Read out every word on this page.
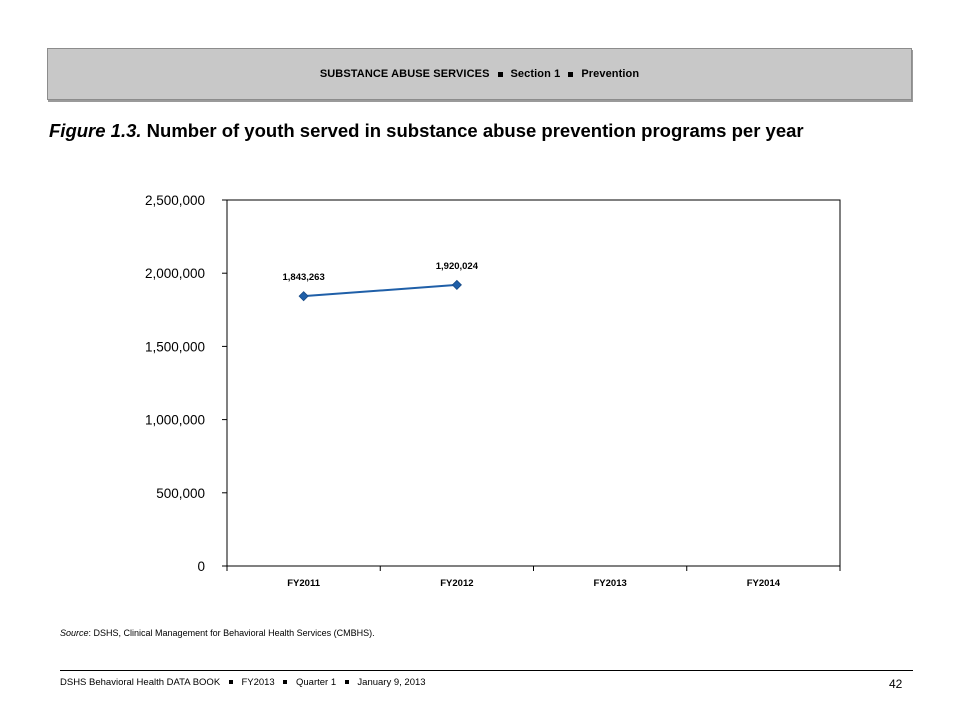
SUBSTANCE ABUSE SERVICES Section 1 Prevention
Figure 1.3. Number of youth served in substance abuse prevention programs per year
0
500,000
1,000,000
1,500,000
2,000,000
2,500,000
FY2011	FY2012	FY2013	FY2014
1,843,263
1,920,024
Source: DSHS, Clinical Management for Behavioral Health Services (CMBHS).
DSHS Behavioral Health DATA BOOK FY2013 Quarter 1 January 9, 2013	42
